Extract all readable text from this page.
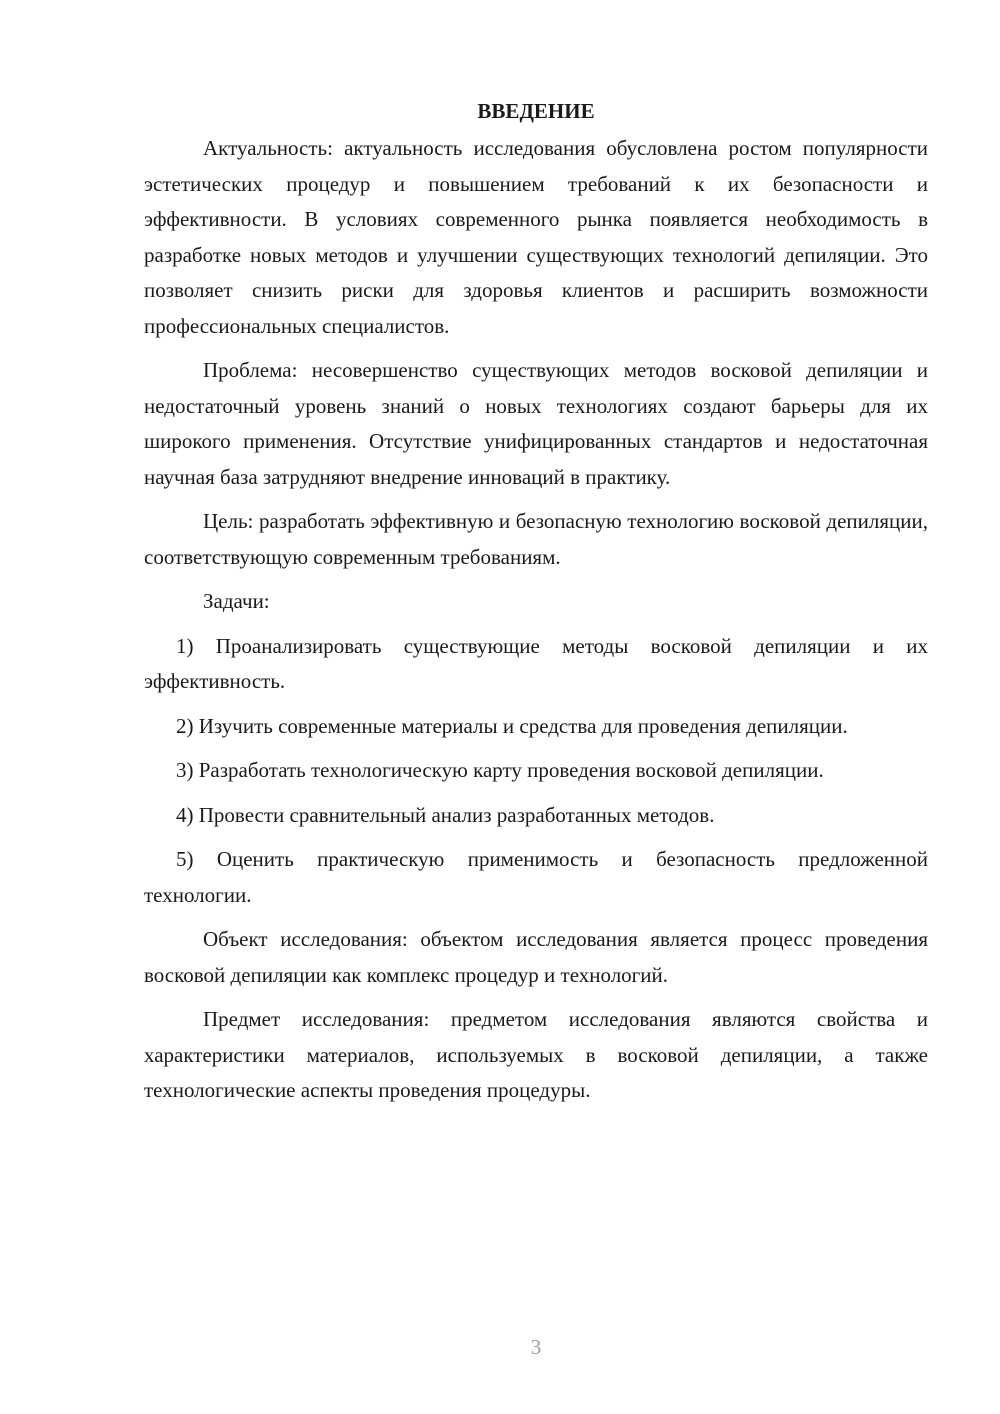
ВВЕДЕНИЕ

Актуальность: актуальность исследования обусловлена ростом популярности эстетических процедур и повышением требований к их безопасности и эффективности. В условиях современного рынка появляется необходимость в разработке новых методов и улучшении существующих технологий депиляции. Это позволяет снизить риски для здоровья клиентов и расширить возможности профессиональных специалистов.

Проблема: несовершенство существующих методов восковой депиляции и недостаточный уровень знаний о новых технологиях создают барьеры для их широкого применения. Отсутствие унифицированных стандартов и недостаточная научная база затрудняют внедрение инноваций в практику.

Цель: разработать эффективную и безопасную технологию восковой депиляции, соответствующую современным требованиям.

Задачи:

1) Проанализировать существующие методы восковой депиляции и их эффективность.

2) Изучить современные материалы и средства для проведения депиляции.

3) Разработать технологическую карту проведения восковой депиляции.

4) Провести сравнительный анализ разработанных методов.

5) Оценить практическую применимость и безопасность предложенной технологии.

Объект исследования: объектом исследования является процесс проведения восковой депиляции как комплекс процедур и технологий.

Предмет исследования: предметом исследования являются свойства и характеристики материалов, используемых в восковой депиляции, а также технологические аспекты проведения процедуры.

3
